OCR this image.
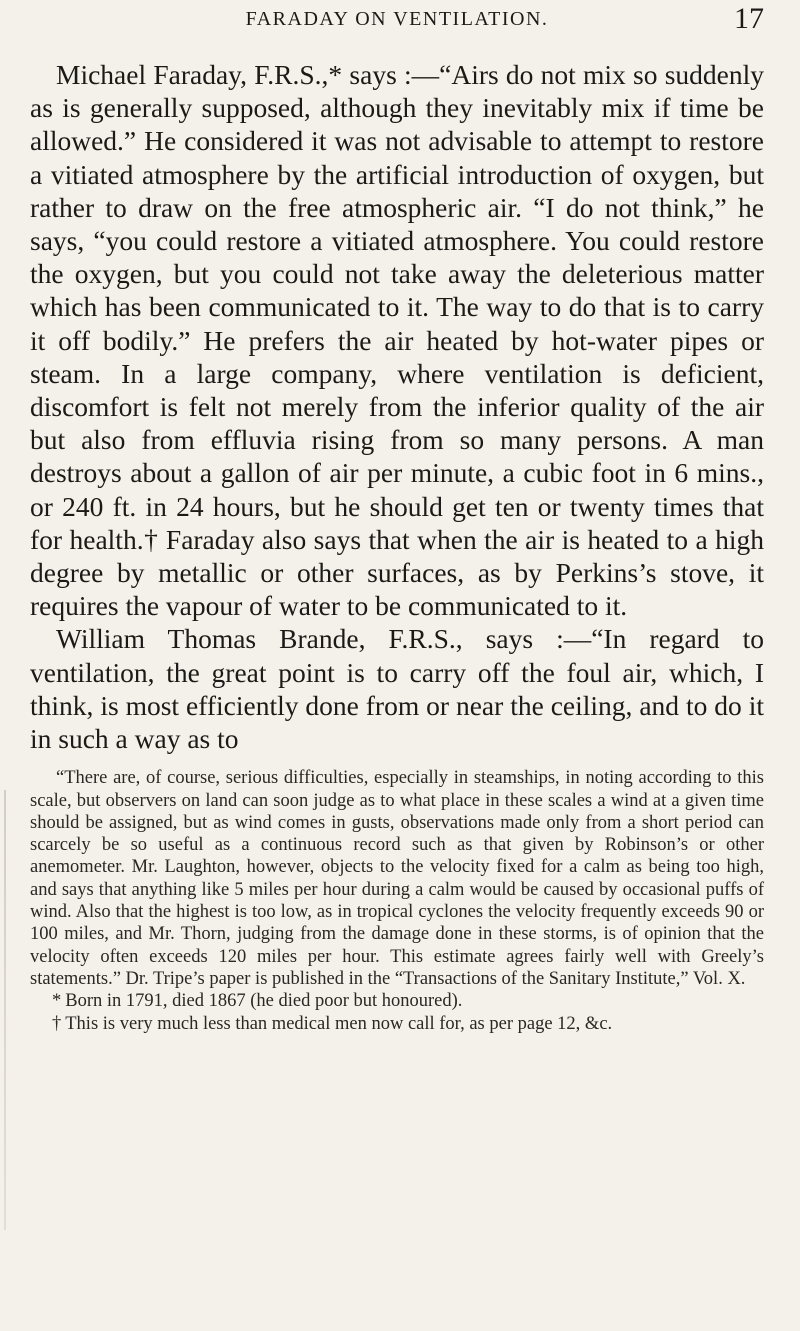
FARADAY ON VENTILATION.	17

Michael Faraday, F.R.S.,* says :—“Airs do not mix so suddenly as is generally supposed, although they inevitably mix if time be allowed.” He considered it was not advisable to attempt to restore a vitiated atmosphere by the artificial introduction of oxygen, but rather to draw on the free atmospheric air. “I do not think,” he says, “you could restore a vitiated atmosphere. You could restore the oxygen, but you could not take away the deleterious matter which has been communicated to it. The way to do that is to carry it off bodily.” He prefers the air heated by hot-water pipes or steam. In a large company, where ventilation is deficient, discomfort is felt not merely from the inferior quality of the air but also from effluvia rising from so many persons. A man destroys about a gallon of air per minute, a cubic foot in 6 mins., or 240 ft. in 24 hours, but he should get ten or twenty times that for health.† Faraday also says that when the air is heated to a high degree by metallic or other surfaces, as by Perkins’s stove, it requires the vapour of water to be communicated to it.

William Thomas Brande, F.R.S., says :—“In regard to ventilation, the great point is to carry off the foul air, which, I think, is most efficiently done from or near the ceiling, and to do it in such a way as to

“There are, of course, serious difficulties, especially in steamships, in noting according to this scale, but observers on land can soon judge as to what place in these scales a wind at a given time should be assigned, but as wind comes in gusts, observations made only from a short period can scarcely be so useful as a continuous record such as that given by Robinson’s or other anemometer. Mr. Laughton, however, objects to the velocity fixed for a calm as being too high, and says that anything like 5 miles per hour during a calm would be caused by occasional puffs of wind. Also that the highest is too low, as in tropical cyclones the velocity frequently exceeds 90 or 100 miles, and Mr. Thorn, judging from the damage done in these storms, is of opinion that the velocity often exceeds 120 miles per hour. This estimate agrees fairly well with Greely’s statements.” Dr. Tripe’s paper is published in the “Transactions of the Sanitary Institute,” Vol. X.

* Born in 1791, died 1867 (he died poor but honoured).

† This is very much less than medical men now call for, as per page 12, &c.
